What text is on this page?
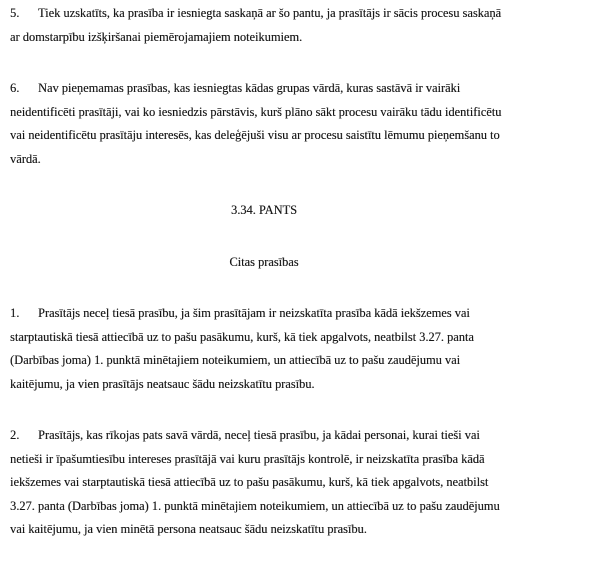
5. Tiek uzskatīts, ka prasība ir iesniegta saskaņā ar šo pantu, ja prasītājs ir sācis procesu saskaņā
ar domstarpību izšķiršanai piemērojamajiem noteikumiem.
6. Nav pieņemamas prasības, kas iesniegtas kādas grupas vārdā, kuras sastāvā ir vairāki
neidentificēti prasītāji, vai ko iesniedzis pārstāvis, kurš plāno sākt procesu vairāku tādu identificētu
vai neidentificētu prasītāju interesēs, kas deleģējuši visu ar procesu saistītu lēmumu pieņemšanu to
vārdā.
3.34. PANTS
Citas prasības
1. Prasītājs neceļ tiesā prasību, ja šim prasītājam ir neizskatīta prasība kādā iekšzemes vai
starptautiskā tiesā attiecībā uz to pašu pasākumu, kurš, kā tiek apgalvots, neatbilst 3.27. panta
(Darbības joma) 1. punktā minētajiem noteikumiem, un attiecībā uz to pašu zaudējumu vai
kaitējumu, ja vien prasītājs neatsauc šādu neizskatītu prasību.
2. Prasītājs, kas rīkojas pats savā vārdā, neceļ tiesā prasību, ja kādai personai, kurai tieši vai
netieši ir īpašumtiesību intereses prasītājā vai kuru prasītājs kontrolē, ir neizskatīta prasība kādā
iekšzemes vai starptautiskā tiesā attiecībā uz to pašu pasākumu, kurš, kā tiek apgalvots, neatbilst
3.27. panta (Darbības joma) 1. punktā minētajiem noteikumiem, un attiecībā uz to pašu zaudējumu
vai kaitējumu, ja vien minētā persona neatsauc šādu neizskatītu prasību.
